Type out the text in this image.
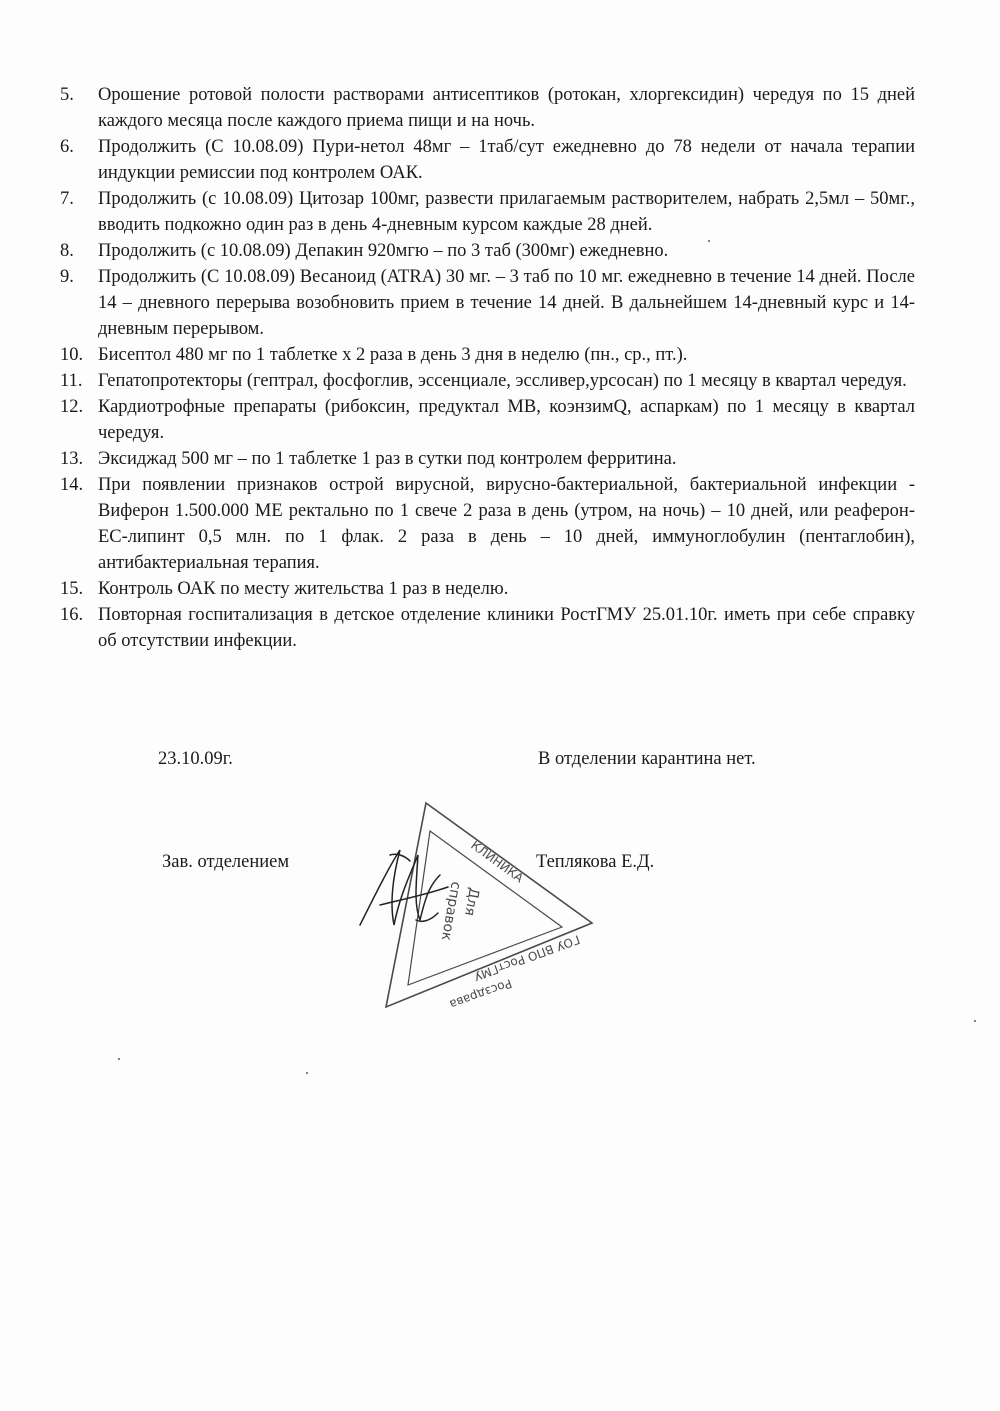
5.	Орошение ротовой полости растворами антисептиков (ротокан, хлоргексидин) чередуя по 15 дней каждого месяца после каждого приема пищи и на ночь.
6.	Продолжить (С 10.08.09) Пури-нетол 48мг – 1таб/сут ежедневно до 78 недели от начала терапии индукции ремиссии под контролем ОАК.
7.	Продолжить (с 10.08.09) Цитозар 100мг, развести прилагаемым растворителем, набрать 2,5мл – 50мг., вводить подкожно один раз в день 4-дневным курсом каждые 28 дней.
8.	Продолжить (с 10.08.09) Депакин 920мгю – по 3 таб (300мг) ежедневно.
9.	Продолжить (С 10.08.09) Весаноид (ATRA) 30 мг. – 3 таб по 10 мг. ежедневно в течение 14 дней. После 14 – дневного перерыва возобновить прием в течение 14 дней. В дальнейшем 14-дневный курс и 14-дневным перерывом.
10. Бисептол 480 мг по 1 таблетке х 2 раза в день 3 дня в неделю (пн., ср., пт.).
11. Гепатопротекторы (гептрал, фосфоглив, эссенциале, эссливер,урсосан) по 1 месяцу в квартал чередуя.
12. Кардиотрофные препараты (рибоксин, предуктал МВ, коэнзимQ, аспаркам) по 1 месяцу в квартал чередуя.
13. Эксиджад 500 мг – по 1 таблетке 1 раз в сутки под контролем ферритина.
14. При появлении признаков острой вирусной, вирусно-бактериальной, бактериальной инфекции - Виферон 1.500.000 МЕ ректально по 1 свече 2 раза в день (утром, на ночь) – 10 дней, или реаферон- ЕС-липинт 0,5 млн. по 1 флак. 2 раза в день – 10 дней, иммуноглобулин (пентаглобин), антибактериальная терапия.
15. Контроль ОАК по месту жительства 1 раз в неделю.
16. Повторная госпитализация в детское отделение клиники РостГМУ 25.01.10г. иметь при себе справку об отсутствии инфекции.
23.10.09г.	В отделении карантина нет.
Зав. отделением	Теплякова Е.Д.
КЛИНИКА
ГОУ ВПО РостГМУ
Росздрава
Для
справок
